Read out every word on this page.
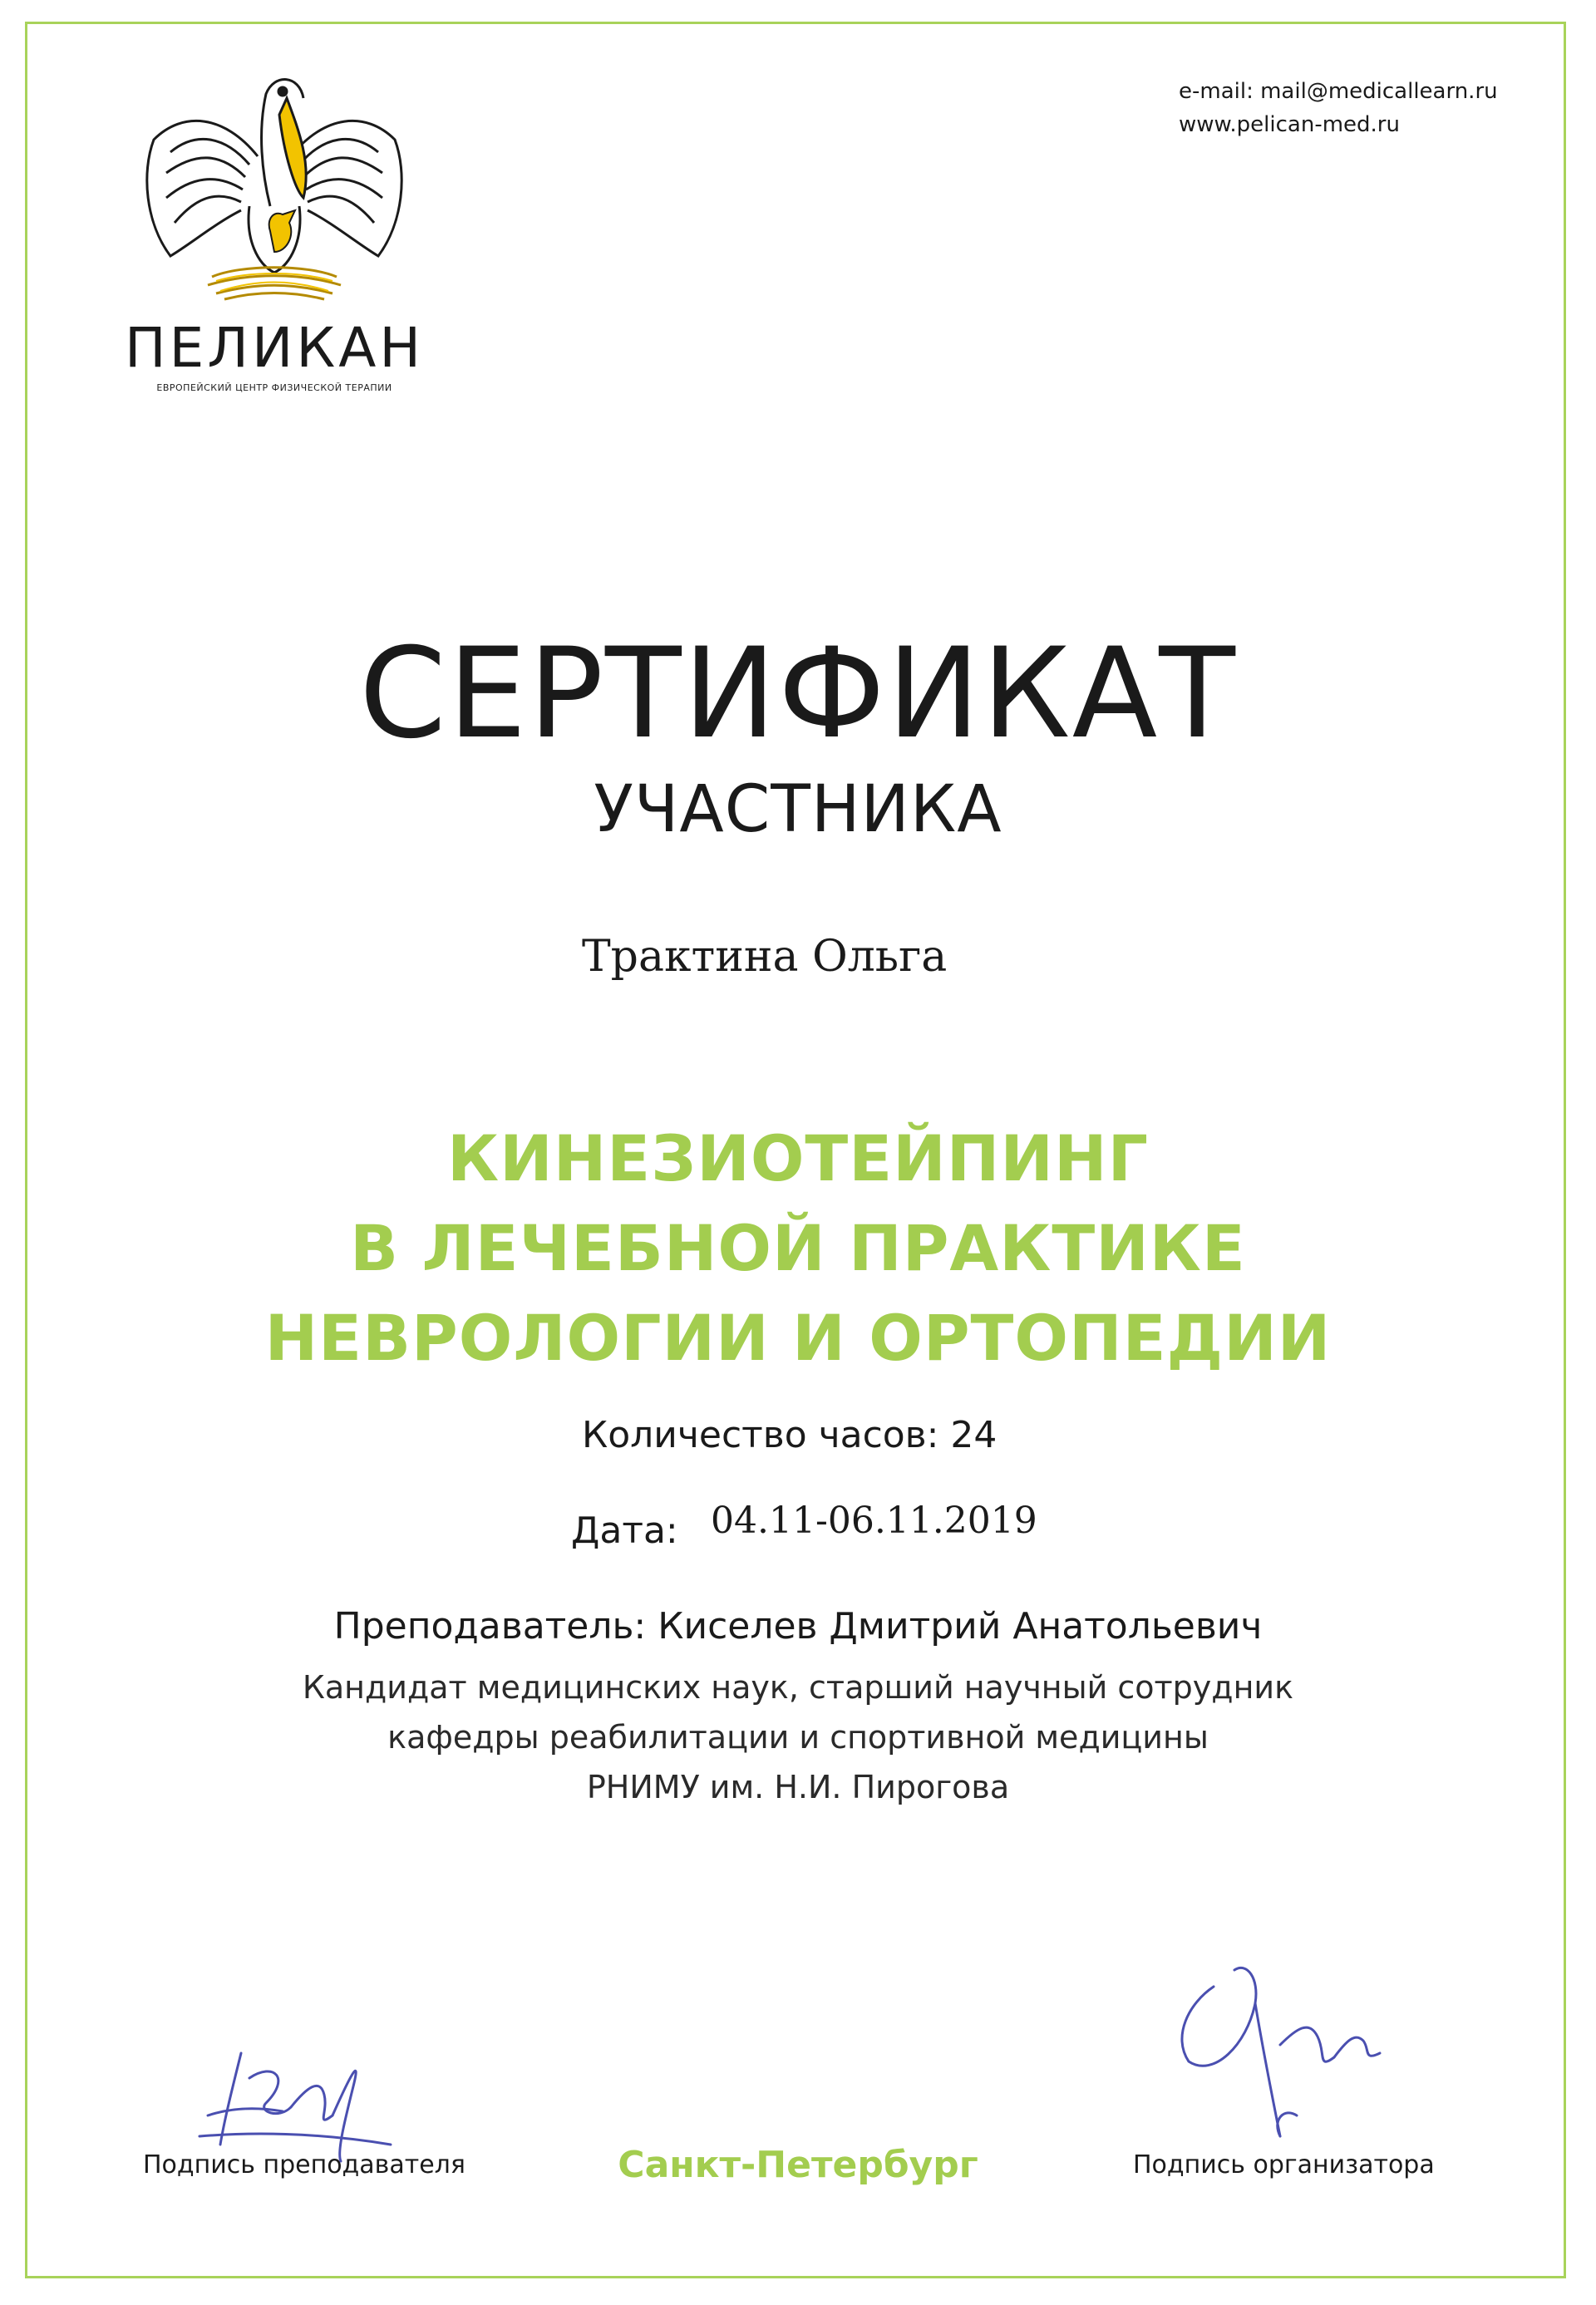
ПЕЛИКАН
ЕВРОПЕЙСКИЙ ЦЕНТР ФИЗИЧЕСКОЙ ТЕРАПИИ
e-mail: mail@medicallearn.ru
www.pelican-med.ru
СЕРТИФИКАТ
УЧАСТНИКА
Трактина Ольга
КИНЕЗИОТЕЙПИНГ
В ЛЕЧЕБНОЙ ПРАКТИКЕ
НЕВРОЛОГИИ И ОРТОПЕДИИ
Количество часов: 24
Дата: 04.11-06.11.2019
Преподаватель: Киселев Дмитрий Анатольевич
Кандидат медицинских наук, старший научный сотрудник
кафедры реабилитации и спортивной медицины
РНИМУ им. Н.И. Пирогова
Подпись преподавателя	Санкт-Петербург	Подпись организатора
